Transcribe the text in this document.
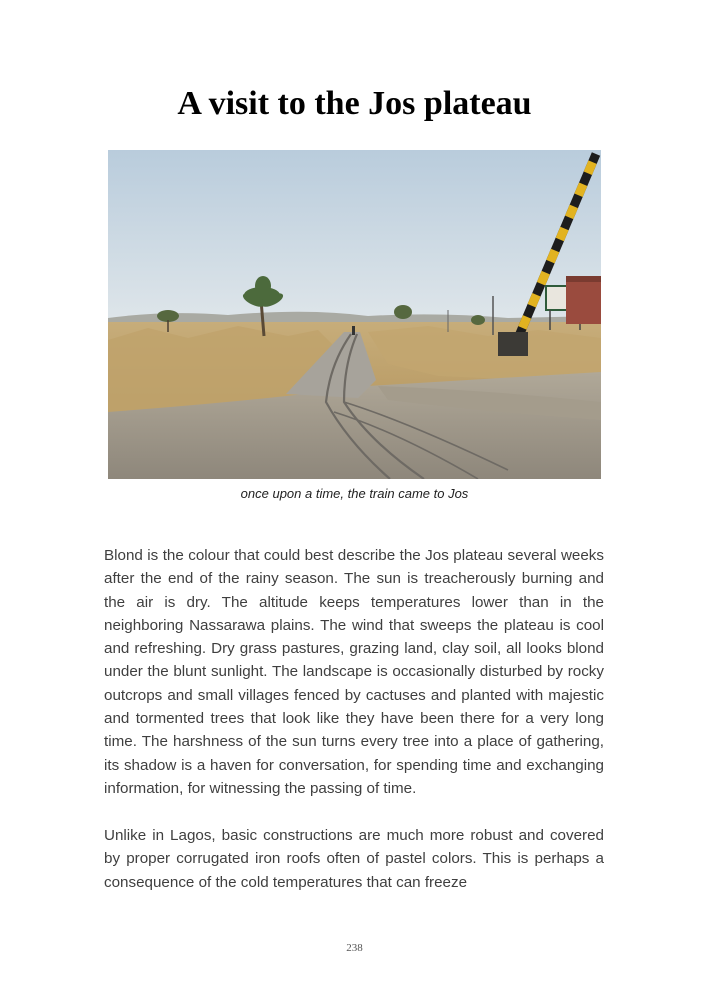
A visit to the Jos plateau
once upon a time, the train came to Jos

Blond is the colour that could best describe the Jos plateau several weeks after the end of the rainy season. The sun is treacherously burning and the air is dry. The altitude keeps temperatures lower than in the neighboring Nassarawa plains. The wind that sweeps the plateau is cool and refreshing. Dry grass pastures, grazing land, clay soil, all looks blond under the blunt sunlight. The landscape is occasionally disturbed by rocky outcrops and small villages fenced by cactuses and planted with majestic and tormented trees that look like they have been there for a very long time. The harshness of the sun turns every tree into a place of gathering, its shadow is a haven for conversation, for spending time and exchanging information, for witnessing the passing of time.

Unlike in Lagos, basic constructions are much more robust and covered by proper corrugated iron roofs often of pastel colors. This is perhaps a consequence of the cold temperatures that can freeze

238
